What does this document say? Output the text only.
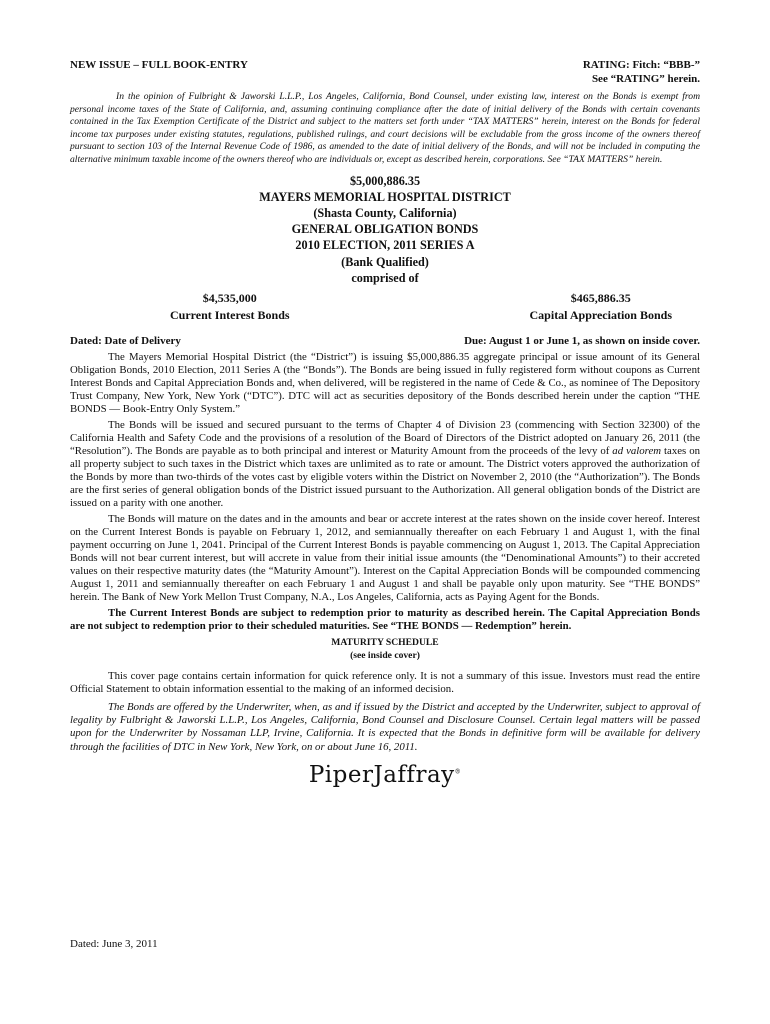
NEW ISSUE – FULL BOOK-ENTRY	RATING: Fitch: “BBB-”
See “RATING” herein.
In the opinion of Fulbright & Jaworski L.L.P., Los Angeles, California, Bond Counsel, under existing law, interest on the Bonds is exempt from personal income taxes of the State of California, and, assuming continuing compliance after the date of initial delivery of the Bonds with certain covenants contained in the Tax Exemption Certificate of the District and subject to the matters set forth under “TAX MATTERS” herein, interest on the Bonds for federal income tax purposes under existing statutes, regulations, published rulings, and court decisions will be excludable from the gross income of the owners thereof pursuant to section 103 of the Internal Revenue Code of 1986, as amended to the date of initial delivery of the Bonds, and will not be included in computing the alternative minimum taxable income of the owners thereof who are individuals or, except as described herein, corporations. See “TAX MATTERS” herein.
$5,000,886.35
MAYERS MEMORIAL HOSPITAL DISTRICT
(Shasta County, California)
GENERAL OBLIGATION BONDS
2010 ELECTION, 2011 SERIES A
(Bank Qualified)
comprised of
$4,535,000
Current Interest Bonds
$465,886.35
Capital Appreciation Bonds
Dated: Date of Delivery	Due: August 1 or June 1, as shown on inside cover.
The Mayers Memorial Hospital District (the “District”) is issuing $5,000,886.35 aggregate principal or issue amount of its General Obligation Bonds, 2010 Election, 2011 Series A (the “Bonds”). The Bonds are being issued in fully registered form without coupons as Current Interest Bonds and Capital Appreciation Bonds and, when delivered, will be registered in the name of Cede & Co., as nominee of The Depository Trust Company, New York, New York (“DTC”). DTC will act as securities depository of the Bonds described herein under the caption “THE BONDS — Book-Entry Only System.”
The Bonds will be issued and secured pursuant to the terms of Chapter 4 of Division 23 (commencing with Section 32300) of the California Health and Safety Code and the provisions of a resolution of the Board of Directors of the District adopted on January 26, 2011 (the “Resolution”). The Bonds are payable as to both principal and interest or Maturity Amount from the proceeds of the levy of ad valorem taxes on all property subject to such taxes in the District which taxes are unlimited as to rate or amount. The District voters approved the authorization of the Bonds by more than two-thirds of the votes cast by eligible voters within the District on November 2, 2010 (the “Authorization”). The Bonds are the first series of general obligation bonds of the District issued pursuant to the Authorization. All general obligation bonds of the District are issued on a parity with one another.
The Bonds will mature on the dates and in the amounts and bear or accrete interest at the rates shown on the inside cover hereof. Interest on the Current Interest Bonds is payable on February 1, 2012, and semiannually thereafter on each February 1 and August 1, with the final payment occurring on June 1, 2041. Principal of the Current Interest Bonds is payable commencing on August 1, 2013. The Capital Appreciation Bonds will not bear current interest, but will accrete in value from their initial issue amounts (the “Denominational Amounts”) to their accreted values on their respective maturity dates (the “Maturity Amount”). Interest on the Capital Appreciation Bonds will be compounded commencing August 1, 2011 and semiannually thereafter on each February 1 and August 1 and shall be payable only upon maturity. See “THE BONDS” herein. The Bank of New York Mellon Trust Company, N.A., Los Angeles, California, acts as Paying Agent for the Bonds.
The Current Interest Bonds are subject to redemption prior to maturity as described herein. The Capital Appreciation Bonds are not subject to redemption prior to their scheduled maturities. See “THE BONDS — Redemption” herein.
MATURITY SCHEDULE
(see inside cover)
This cover page contains certain information for quick reference only. It is not a summary of this issue. Investors must read the entire Official Statement to obtain information essential to the making of an informed decision.
The Bonds are offered by the Underwriter, when, as and if issued by the District and accepted by the Underwriter, subject to approval of legality by Fulbright & Jaworski L.L.P., Los Angeles, California, Bond Counsel and Disclosure Counsel. Certain legal matters will be passed upon for the Underwriter by Nossaman LLP, Irvine, California. It is expected that the Bonds in definitive form will be available for delivery through the facilities of DTC in New York, New York, on or about June 16, 2011.
PiperJaffray®
Dated: June 3, 2011
